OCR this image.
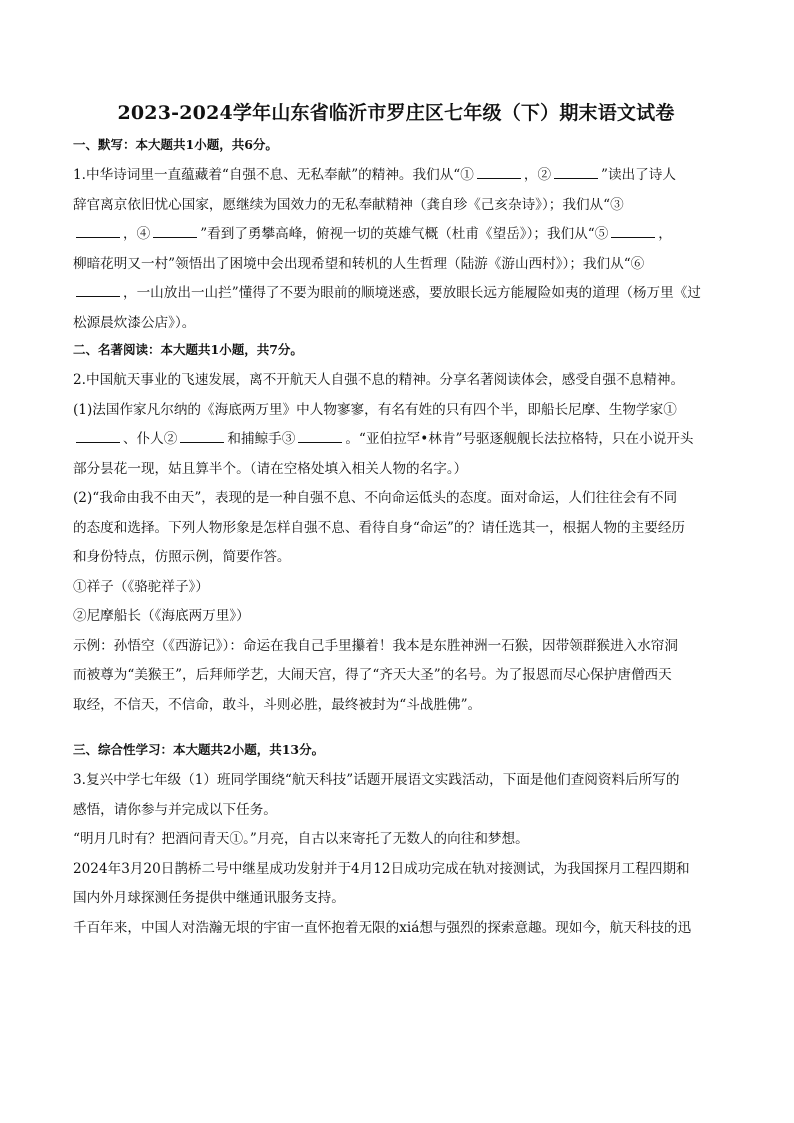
2023-2024学年山东省临沂市罗庄区七年级（下）期末语文试卷
一、默写：本大题共1小题，共6分。

1.中华诗词里一直蕴藏着“自强不息、无私奉献”的精神。我们从“①	，②	”读出了诗人

辞官离京依旧忧心国家，愿继续为国效力的无私奉献精神（龚自珍《己亥杂诗》）；我们从“③

，④	”看到了勇攀高峰，俯视一切的英雄气概（杜甫《望岳》）；我们从“⑤	，

柳暗花明又一村”领悟出了困境中会出现希望和转机的人生哲理（陆游《游山西村》）；我们从“⑥

，一山放出一山拦”懂得了不要为眼前的顺境迷惑，要放眼长远方能履险如夷的道理（杨万里《过

松源晨炊漆公店》）。

二、名著阅读：本大题共1小题，共7分。

2.中国航天事业的飞速发展，离不开航天人自强不息的精神。分享名著阅读体会，感受自强不息精神。

(1)法国作家凡尔纳的《海底两万里》中人物寥寥，有名有姓的只有四个半，即船长尼摩、生物学家①

、仆人②	和捕鲸手③	。“亚伯拉罕•林肯”号驱逐舰舰长法拉格特，只在小说开头

部分昙花一现，姑且算半个。（请在空格处填入相关人物的名字。）

(2)“我命由我不由天”，表现的是一种自强不息、不向命运低头的态度。面对命运，人们往往会有不同

的态度和选择。下列人物形象是怎样自强不息、看待自身“命运”的？请任选其一，根据人物的主要经历

和身份特点，仿照示例，简要作答。

①祥子（《骆驼祥子》）

②尼摩船长（《海底两万里》）

示例：孙悟空（《西游记》）：命运在我自己手里攥着！我本是东胜神洲一石猴，因带领群猴进入水帘洞

而被尊为“美猴王”，后拜师学艺，大闹天宫，得了“齐天大圣”的名号。为了报恩而尽心保护唐僧西天

取经，不信天，不信命，敢斗，斗则必胜，最终被封为“斗战胜佛”。

三、综合性学习：本大题共2小题，共13分。

3.复兴中学七年级（1）班同学围绕“航天科技”话题开展语文实践活动，下面是他们查阅资料后所写的

感悟，请你参与并完成以下任务。

“明月几时有？把酒问青天①。”月亮，自古以来寄托了无数人的向往和梦想。

2024年3月20日鹊桥二号中继星成功发射并于4月12日成功完成在轨对接测试，为我国探月工程四期和

国内外月球探测任务提供中继通讯服务支持。

千百年来，中国人对浩瀚无垠的宇宙一直怀抱着无限的xiá想与强烈的探索意趣。现如今，航天科技的迅
